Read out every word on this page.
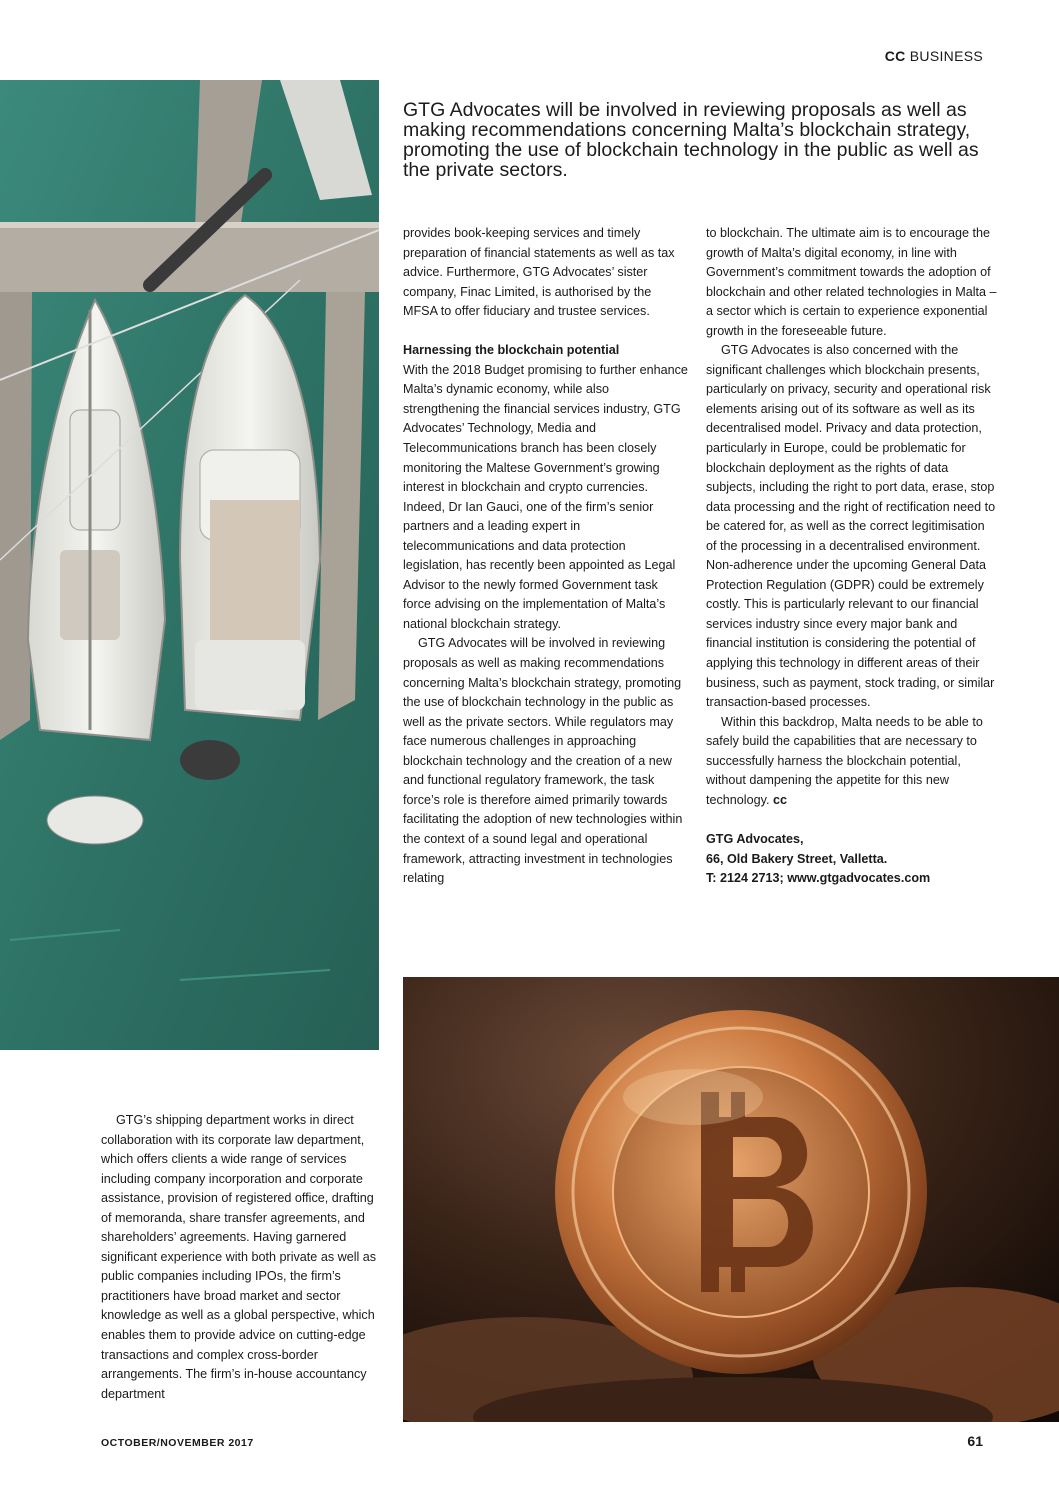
CC BUSINESS
GTG Advocates will be involved in reviewing proposals as well as making recommendations concerning Malta’s blockchain strategy, promoting the use of blockchain technology in the public as well as the private sectors.

provides book-keeping services and timely preparation of financial statements as well as tax advice. Furthermore, GTG Advocates’ sister company, Finac Limited, is authorised by the MFSA to offer fiduciary and trustee services.

Harnessing the blockchain potential

With the 2018 Budget promising to further enhance Malta’s dynamic economy, while also strengthening the financial services industry, GTG Advocates’ Technology, Media and Telecommunications branch has been closely monitoring the Maltese Government’s growing interest in blockchain and crypto currencies. Indeed, Dr Ian Gauci, one of the firm’s senior partners and a leading expert in telecommunications and data protection legislation, has recently been appointed as Legal Advisor to the newly formed Government task force advising on the implementation of Malta’s national blockchain strategy.

GTG Advocates will be involved in reviewing proposals as well as making recommendations concerning Malta’s blockchain strategy, promoting the use of blockchain technology in the public as well as the private sectors. While regulators may face numerous challenges in approaching blockchain technology and the creation of a new and functional regulatory framework, the task force’s role is therefore aimed primarily towards facilitating the adoption of new technologies within the context of a sound legal and operational framework, attracting investment in technologies relating

to blockchain. The ultimate aim is to encourage the growth of Malta’s digital economy, in line with Government’s commitment towards the adoption of blockchain and other related technologies in Malta – a sector which is certain to experience exponential growth in the foreseeable future.

GTG Advocates is also concerned with the significant challenges which blockchain presents, particularly on privacy, security and operational risk elements arising out of its software as well as its decentralised model. Privacy and data protection, particularly in Europe, could be problematic for blockchain deployment as the rights of data subjects, including the right to port data, erase, stop data processing and the right of rectification need to be catered for, as well as the correct legitimisation of the processing in a decentralised environment. Non-adherence under the upcoming General Data Protection Regulation (GDPR) could be extremely costly. This is particularly relevant to our financial services industry since every major bank and financial institution is considering the potential of applying this technology in different areas of their business, such as payment, stock trading, or similar transaction-based processes.

Within this backdrop, Malta needs to be able to safely build the capabilities that are necessary to successfully harness the blockchain potential, without dampening the appetite for this new technology. cc

GTG Advocates,

66, Old Bakery Street, Valletta.

T: 2124 2713; www.gtgadvocates.com

GTG’s shipping department works in direct collaboration with its corporate law department, which offers clients a wide range of services including company incorporation and corporate assistance, provision of registered office, drafting of memoranda, share transfer agreements, and shareholders’ agreements. Having garnered significant experience with both private as well as public companies including IPOs, the firm’s practitioners have broad market and sector knowledge as well as a global perspective, which enables them to provide advice on cutting-edge transactions and complex cross-border arrangements. The firm’s in-house accountancy department

OCTOBER/NOVEMBER 2017	61
